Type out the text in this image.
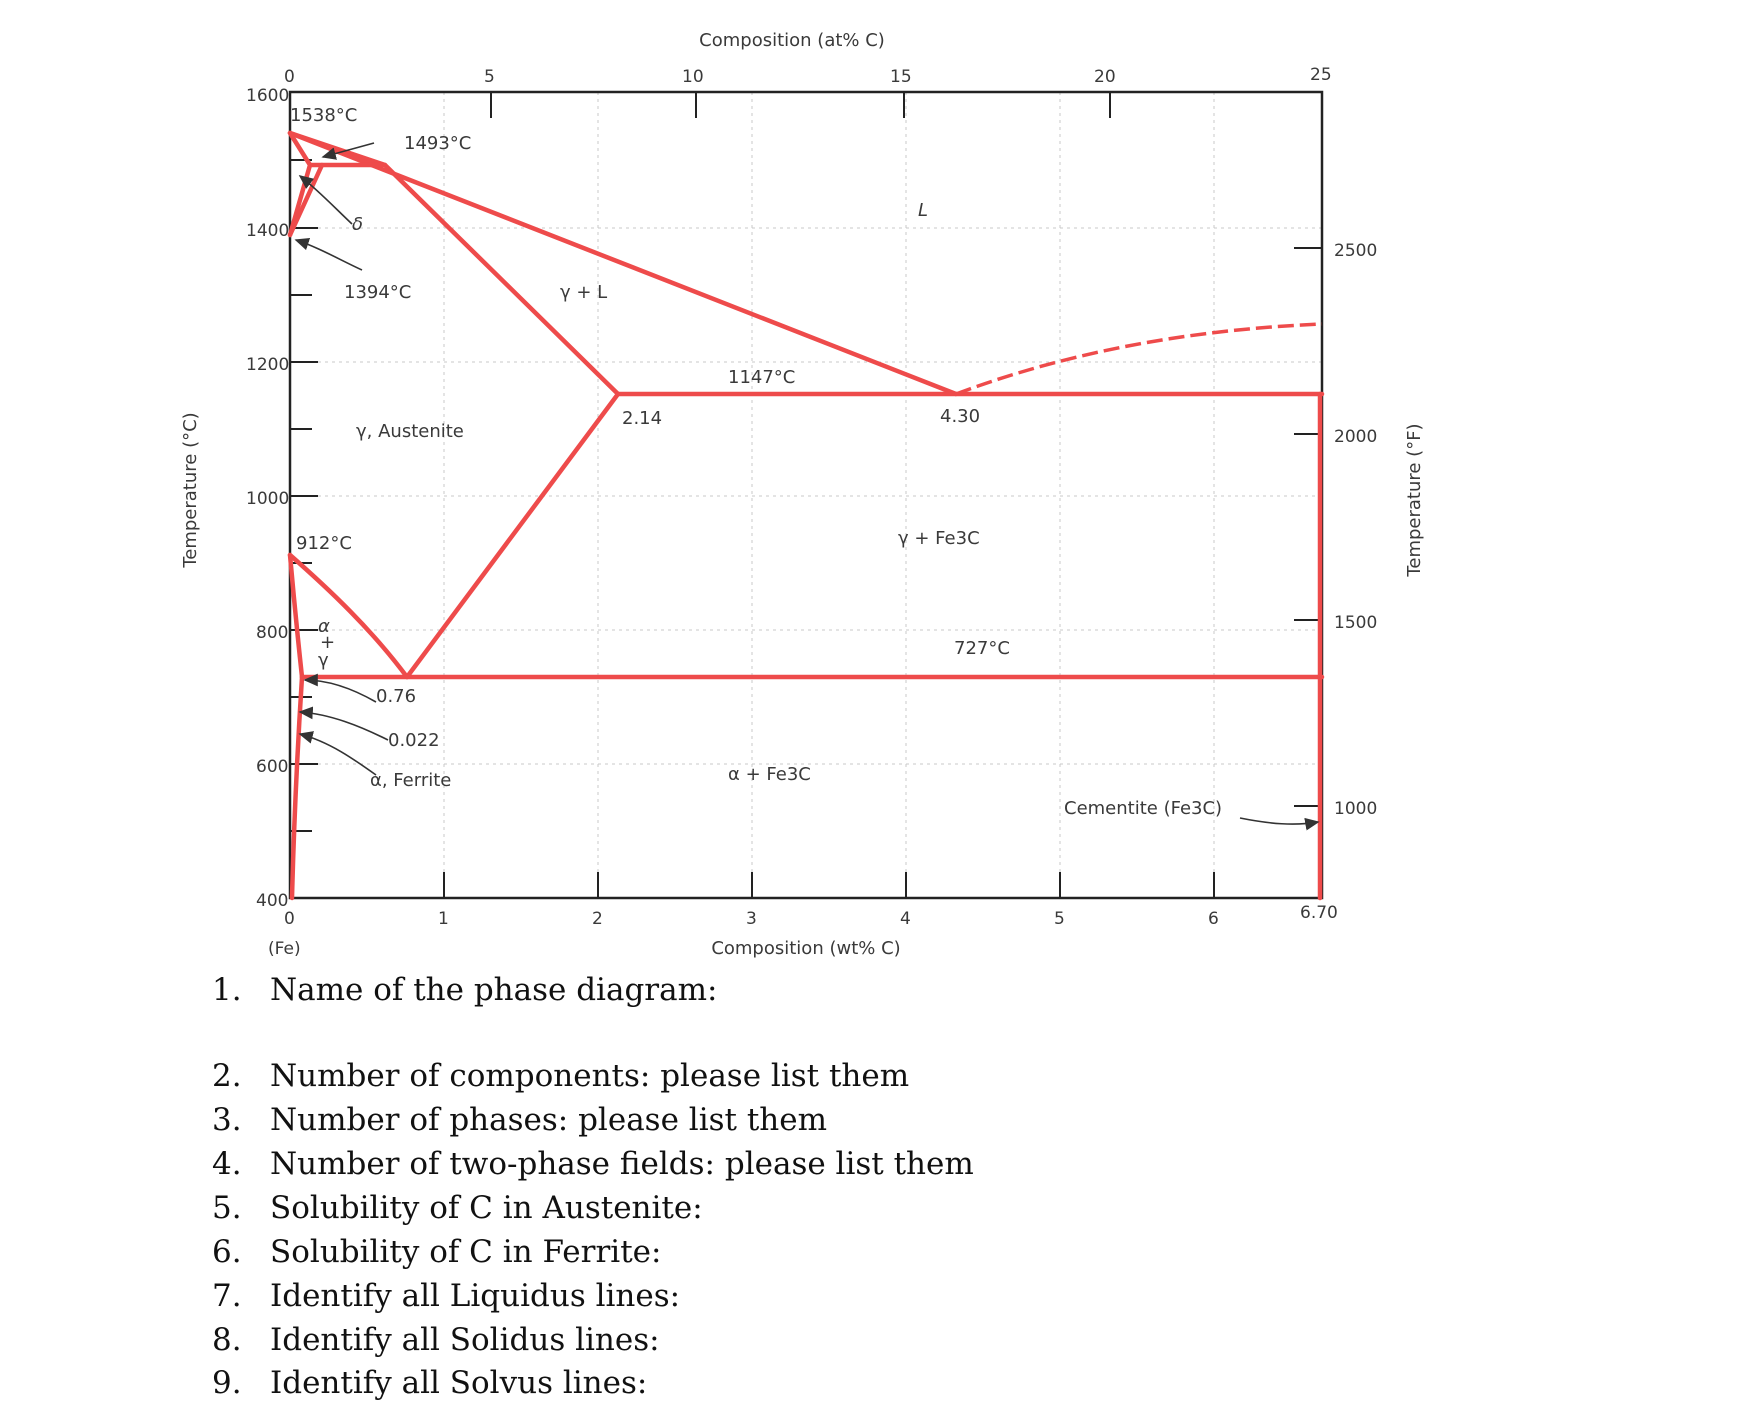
1600
1400
1200
1000
800
600
400
2500
2000
1500
1000
0	5	10	15	20	25
0	1	2	3	4	5	6	6.70
(Fe)
Composition (at% C)
Composition (wt% C)
Temperature (°C)	Temperature (°F)
1538°C
1493°C
δ
1394°C
L
γ + L
1147°C
2.14	4.30
γ, Austenite
912°C	γ + Fe3C
α
+
γ
727°C
0.76
0.022
α, Ferrite	α + Fe3C
Cementite (Fe3C)
1. Name of the phase diagram:
2. Number of components: please list them
3. Number of phases: please list them
4. Number of two-phase fields: please list them
5. Solubility of C in Austenite:
6. Solubility of C in Ferrite:
7. Identify all Liquidus lines:
8. Identify all Solidus lines:
9. Identify all Solvus lines:
